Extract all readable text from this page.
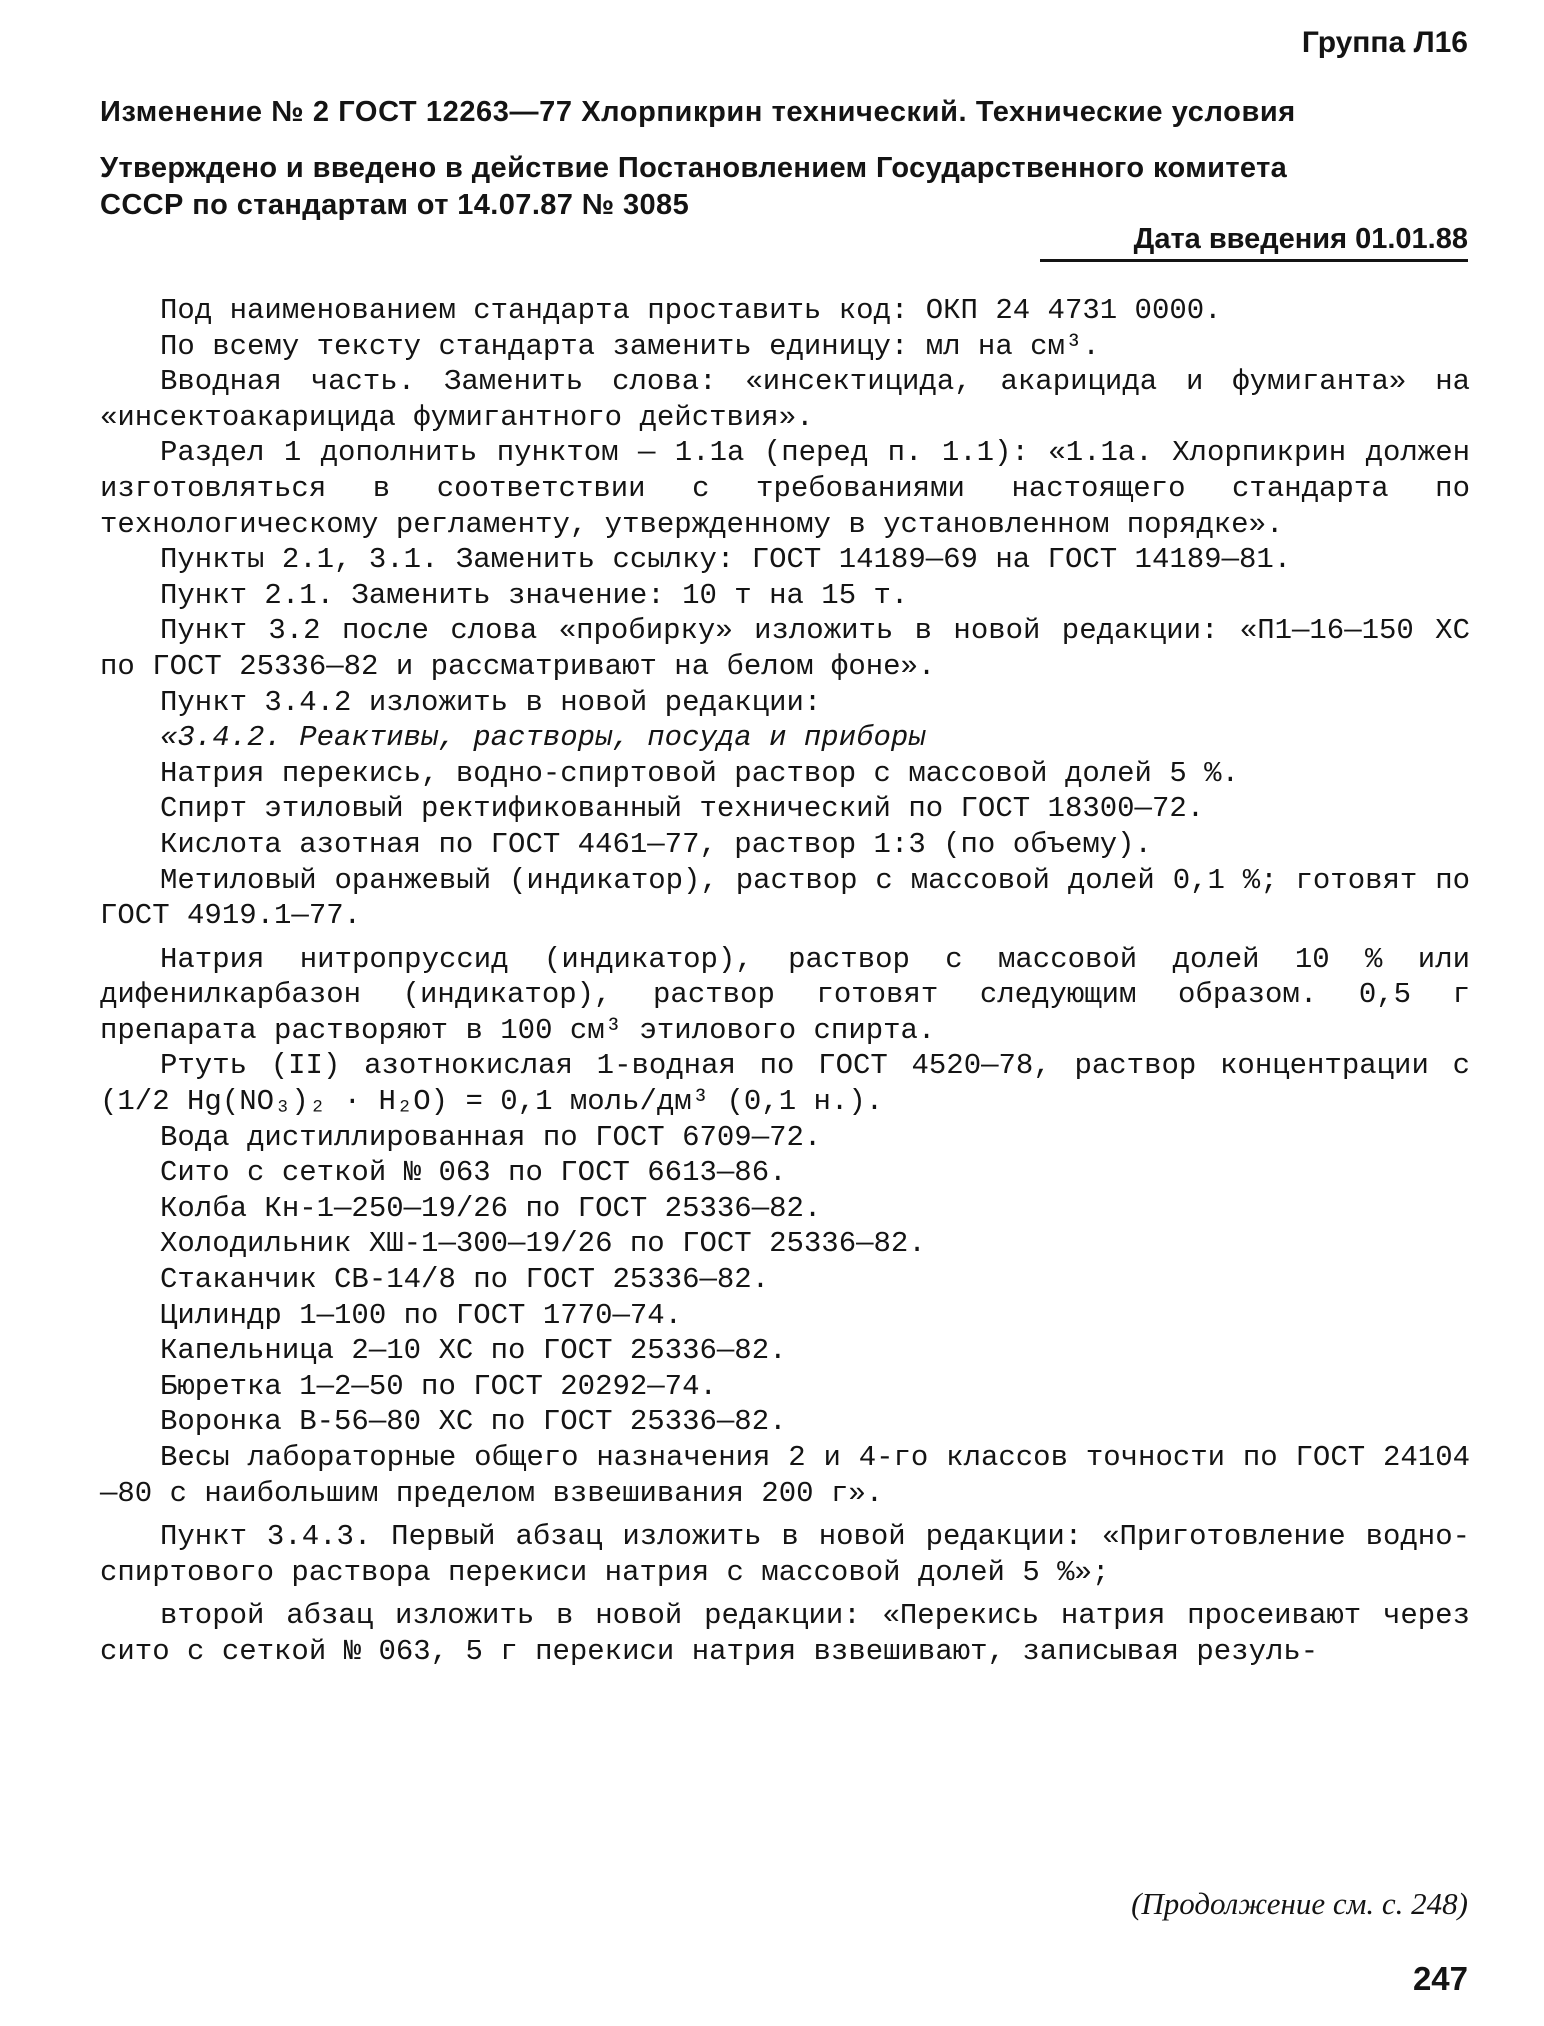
Группа Л16
Изменение № 2 ГОСТ 12263—77 Хлорпикрин технический. Технические условия
Утверждено и введено в действие Постановлением Государственного комитета
СССР по стандартам от 14.07.87 № 3085
Дата введения 01.01.88

Под наименованием стандарта проставить код: ОКП 24 4731 0000.

По всему тексту стандарта заменить единицу: мл на см³.

Вводная часть. Заменить слова: «инсектицида, акарицида и фумиганта» на «инсектоакарицида фумигантного действия».

Раздел 1 дополнить пунктом — 1.1а (перед п. 1.1): «1.1а. Хлорпикрин должен изготовляться в соответствии с требованиями настоящего стандарта по технологическому регламенту, утвержденному в установленном порядке».

Пункты 2.1, 3.1. Заменить ссылку: ГОСТ 14189—69 на ГОСТ 14189—81.

Пункт 2.1. Заменить значение: 10 т на 15 т.

Пункт 3.2 после слова «пробирку» изложить в новой редакции: «П1—16—150 ХС по ГОСТ 25336—82 и рассматривают на белом фоне».

Пункт 3.4.2 изложить в новой редакции:

«3.4.2. Реактивы, растворы, посуда и приборы

Натрия перекись, водно-спиртовой раствор с массовой долей 5 %.

Спирт этиловый ректификованный технический по ГОСТ 18300—72.

Кислота азотная по ГОСТ 4461—77, раствор 1:3 (по объему).

Метиловый оранжевый (индикатор), раствор с массовой долей 0,1 %; готовят по ГОСТ 4919.1—77.

Натрия нитропруссид (индикатор), раствор с массовой долей 10 % или дифенилкарбазон (индикатор), раствор готовят следующим образом. 0,5 г препарата растворяют в 100 см³ этилового спирта.

Ртуть (II) азотнокислая 1-водная по ГОСТ 4520—78, раствор концентрации с (1/2 Hg(NO₃)₂ · H₂O) = 0,1 моль/дм³ (0,1 н.).

Вода дистиллированная по ГОСТ 6709—72.

Сито с сеткой № 063 по ГОСТ 6613—86.

Колба Кн-1—250—19/26 по ГОСТ 25336—82.

Холодильник ХШ-1—300—19/26 по ГОСТ 25336—82.

Стаканчик СВ-14/8 по ГОСТ 25336—82.

Цилиндр 1—100 по ГОСТ 1770—74.

Капельница 2—10 ХС по ГОСТ 25336—82.

Бюретка 1—2—50 по ГОСТ 20292—74.

Воронка В-56—80 ХС по ГОСТ 25336—82.

Весы лабораторные общего назначения 2 и 4-го классов точности по ГОСТ 24104—80 с наибольшим пределом взвешивания 200 г».

Пункт 3.4.3. Первый абзац изложить в новой редакции: «Приготовление водно-спиртового раствора перекиси натрия с массовой долей 5 %»;

второй абзац изложить в новой редакции: «Перекись натрия просеивают через сито с сеткой № 063, 5 г перекиси натрия взвешивают, записывая резуль-

(Продолжение см. с. 248)
247
